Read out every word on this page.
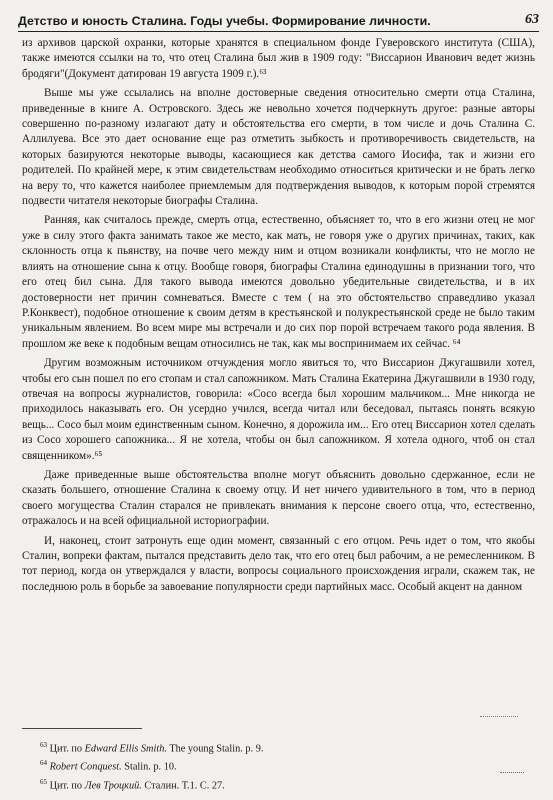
Детство и юность Сталина. Годы учебы. Формирование личности.	63

из архивов царской охранки, которые хранятся в специальном фонде Гуверовского института (США), также имеются ссылки на то, что отец Сталина был жив в 1909 году: "Виссарион Иванович ведет жизнь бродяги"(Документ датирован 19 августа 1909 г.).⁶³

Выше мы уже ссылались на вполне достоверные сведения относительно смерти отца Сталина, приведенные в книге А. Островского. Здесь же невольно хочется подчеркнуть другое: разные авторы совершенно по-разному излагают дату и обстоятельства его смерти, в том числе и дочь Сталина С. Аллилуева. Все это дает основание еще раз отметить зыбкость и противоречивость свидетельств, на которых базируются некоторые выводы, касающиеся как детства самого Иосифа, так и жизни его родителей. По крайней мере, к этим свидетельствам необходимо относиться критически и не брать легко на веру то, что кажется наиболее приемлемым для подтверждения выводов, к которым порой стремятся подвести читателя некоторые биографы Сталина.

Ранняя, как считалось прежде, смерть отца, естественно, объясняет то, что в его жизни отец не мог уже в силу этого факта занимать такое же место, как мать, не говоря уже о других причинах, таких, как склонность отца к пьянству, на почве чего между ним и отцом возникали конфликты, что не могло не влиять на отношение сына к отцу. Вообще говоря, биографы Сталина единодушны в признании того, что его отец бил сына. Для такого вывода имеются довольно убедительные свидетельства, и в их достоверности нет причин сомневаться. Вместе с тем ( на это обстоятельство справедливо указал Р.Конквест), подобное отношение к своим детям в крестьянской и полукрестьянской среде не было таким уникальным явлением. Во всем мире мы встречали и до сих пор порой встречаем такого рода явления. В прошлом же веке к подобным вещам относились не так, как мы воспринимаем их сейчас. ⁶⁴

Другим возможным источником отчуждения могло явиться то, что Виссарион Джугашвили хотел, чтобы его сын пошел по его стопам и стал сапожником. Мать Сталина Екатерина Джугашвили в 1930 году, отвечая на вопросы журналистов, говорила: «Сосо всегда был хорошим мальчиком... Мне никогда не приходилось наказывать его. Он усердно учился, всегда читал или беседовал, пытаясь понять всякую вещь... Сосо был моим единственным сыном. Конечно, я дорожила им... Его отец Виссарион хотел сделать из Сосо хорошего сапожника... Я не хотела, чтобы он был сапожником. Я хотела одного, чтоб он стал священником».⁶⁵

Даже приведенные выше обстоятельства вполне могут объяснить довольно сдержанное, если не сказать большего, отношение Сталина к своему отцу. И нет ничего удивительного в том, что в период своего могущества Сталин старался не привлекать внимания к персоне своего отца, что, естественно, отражалось и на всей официальной историографии.

И, наконец, стоит затронуть еще один момент, связанный с его отцом. Речь идет о том, что якобы Сталин, вопреки фактам, пытался представить дело так, что его отец был рабочим, а не ремесленником. В тот период, когда он утверждался у власти, вопросы социального происхождения играли, скажем так, не последнюю роль в борьбе за завоевание популярности среди партийных масс. Особый акцент на данном

$^{63}$ Цит. по Edward Ellis Smith. The young Stalin. p. 9.
$^{64}$ Robert Conquest. Stalin. p. 10.
$^{65}$ Цит. по Лев Троцкий. Сталин. Т.1. С. 27.
